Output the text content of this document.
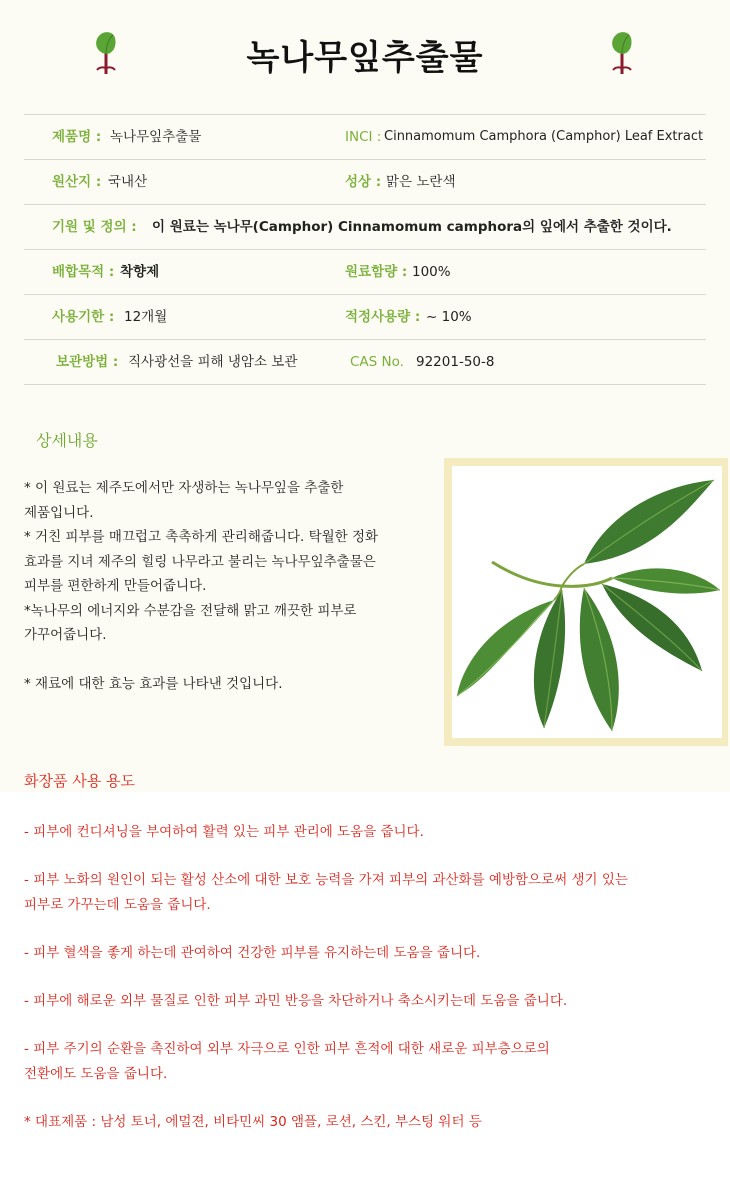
녹나무잎추출물
제품명 : 녹나무잎추출물	INCI : Cinnamomum Camphora (Camphor) Leaf Extract
원산지 : 국내산	성상 : 맑은 노란색
기원 및 정의 : 이 원료는 녹나무(Camphor) Cinnamomum camphora의 잎에서 추출한 것이다.
배합목적 : 착향제	원료함량 : 100%
사용기한 : 12개월	적정사용량 : ~ 10%
보관방법 : 직사광선을 피해 냉암소 보관	CAS No. 92201-50-8
상세내용

* 이 원료는 제주도에서만 자생하는 녹나무잎을 추출한

제품입니다.

* 거친 피부를 매끄럽고 촉촉하게 관리해줍니다. 탁월한 정화

효과를 지녀 제주의 힐링 나무라고 불리는 녹나무잎추출물은

피부를 편한하게 만들어줍니다.

*녹나무의 에너지와 수분감을 전달해 맑고 깨끗한 피부로

가꾸어줍니다.

* 재료에 대한 효능 효과를 나타낸 것입니다.

화장품 사용 용도

- 피부에 컨디셔닝을 부여하여 활력 있는 피부 관리에 도움을 줍니다.

- 피부 노화의 원인이 되는 활성 산소에 대한 보호 능력을 가져 피부의 과산화를 예방함으로써 생기 있는

피부로 가꾸는데 도움을 줍니다.

- 피부 혈색을 좋게 하는데 관여하여 건강한 피부를 유지하는데 도움을 줍니다.

- 피부에 해로운 외부 물질로 인한 피부 과민 반응을 차단하거나 축소시키는데 도움을 줍니다.

- 피부 주기의 순환을 촉진하여 외부 자극으로 인한 피부 흔적에 대한 새로운 피부층으로의

전환에도 도움을 줍니다.

* 대표제품 : 남성 토너, 에멀젼, 비타민씨 30 앰플, 로션, 스킨, 부스팅 워터 등
